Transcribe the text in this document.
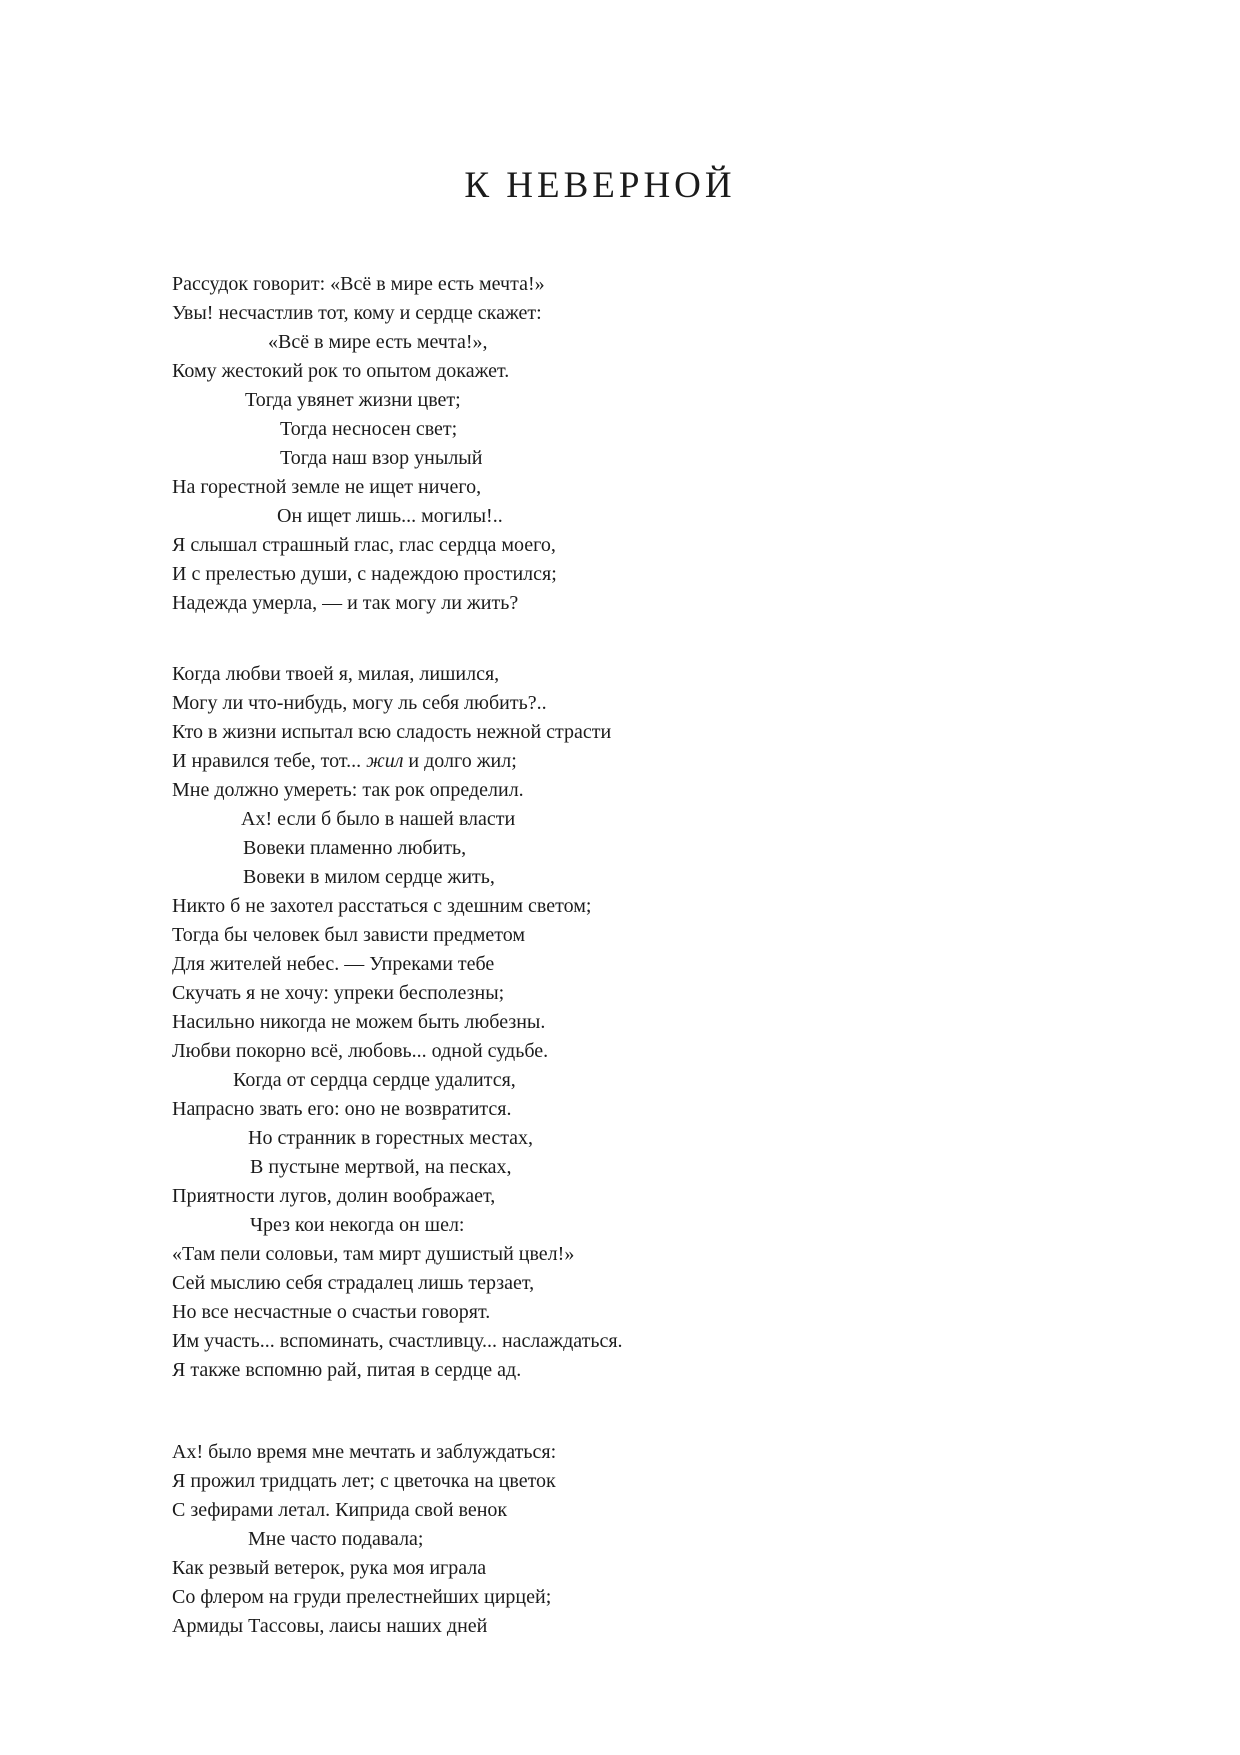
К НЕВЕРНОЙ
Рассудок говорит: «Всё в мире есть мечта!»
Увы! несчастлив тот, кому и сердце скажет:
«Всё в мире есть мечта!»,
Кому жестокий рок то опытом докажет.
Тогда увянет жизни цвет;
Тогда несносен свет;
Тогда наш взор унылый
На горестной земле не ищет ничего,
Он ищет лишь... могилы!..
Я слышал страшный глас, глас сердца моего,
И с прелестью души, с надеждою простился;
Надежда умерла, — и так могу ли жить?
Когда любви твоей я, милая, лишился,
Могу ли что-нибудь, могу ль себя любить?..
Кто в жизни испытал всю сладость нежной страсти
И нравился тебе, тот... жил и долго жил;
Мне должно умереть: так рок определил.
Ах! если б было в нашей власти
Вовеки пламенно любить,
Вовеки в милом сердце жить,
Никто б не захотел расстаться с здешним светом;
Тогда бы человек был зависти предметом
Для жителей небес. — Упреками тебе
Скучать я не хочу: упреки бесполезны;
Насильно никогда не можем быть любезны.
Любви покорно всё, любовь... одной судьбе.
Когда от сердца сердце удалится,
Напрасно звать его: оно не возвратится.
Но странник в горестных местах,
В пустыне мертвой, на песках,
Приятности лугов, долин воображает,
Чрез кои некогда он шел:
«Там пели соловьи, там мирт душистый цвел!»
Сей мыслию себя страдалец лишь терзает,
Но все несчастные о счастьи говорят.
Им участь... вспоминать, счастливцу... наслаждаться.
Я также вспомню рай, питая в сердце ад.
Ах! было время мне мечтать и заблуждаться:
Я прожил тридцать лет; с цветочка на цветок
С зефирами летал. Киприда свой венок
Мне часто подавала;
Как резвый ветерок, рука моя играла
Со флером на груди прелестнейших цирцей;
Армиды Тассовы, лаисы наших дней
